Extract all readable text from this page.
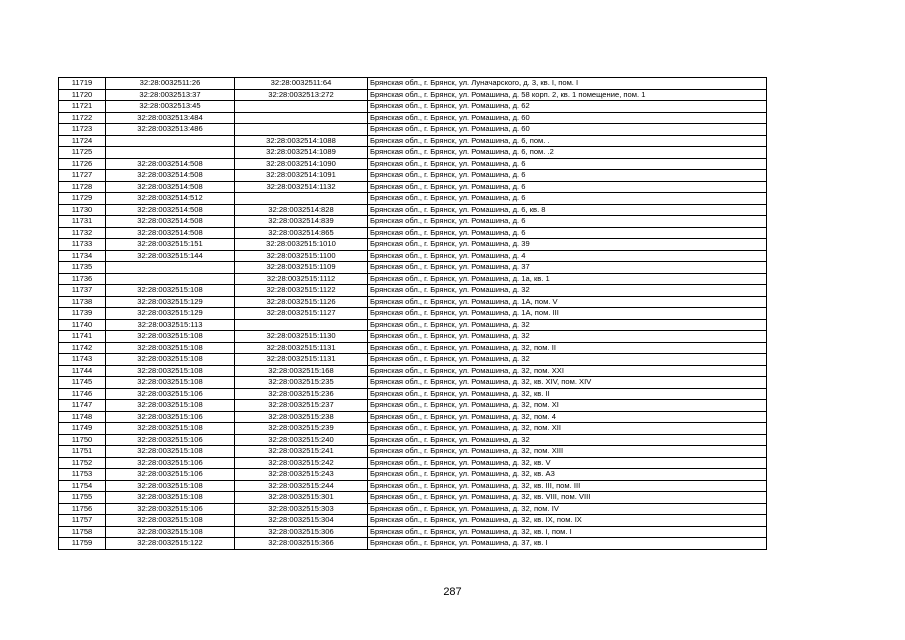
11719	32:28:0032511:26	32:28:0032511:64	Брянская обл., г. Брянск, ул. Луначарского, д. 3, кв. I, пом. I
11720	32:28:0032513:37	32:28:0032513:272	Брянская обл., г. Брянск, ул. Ромашина, д. 58 корп. 2, кв. 1 помещение, пом. 1
11721	32:28:0032513:45		Брянская обл., г. Брянск, ул. Ромашина, д. 62
11722	32:28:0032513:484		Брянская обл., г. Брянск, ул. Ромашина, д. 60
11723	32:28:0032513:486		Брянская обл., г. Брянск, ул. Ромашина, д. 60
11724		32:28:0032514:1088	Брянская обл., г. Брянск, ул. Ромашина, д. 6, пом. .
11725		32:28:0032514:1089	Брянская обл., г. Брянск, ул. Ромашина, д. 6, пом. .2
11726	32:28:0032514:508	32:28:0032514:1090	Брянская обл., г. Брянск, ул. Ромашина, д. 6
11727	32:28:0032514:508	32:28:0032514:1091	Брянская обл., г. Брянск, ул. Ромашина, д. 6
11728	32:28:0032514:508	32:28:0032514:1132	Брянская обл., г. Брянск, ул. Ромашина, д. 6
11729	32:28:0032514:512		Брянская обл., г. Брянск, ул. Ромашина, д. 6
11730	32:28:0032514:508	32:28:0032514:828	Брянская обл., г. Брянск, ул. Ромашина, д. 6, кв. 8
11731	32:28:0032514:508	32:28:0032514:839	Брянская обл., г. Брянск, ул. Ромашина, д. 6
11732	32:28:0032514:508	32:28:0032514:865	Брянская обл., г. Брянск, ул. Ромашина, д. 6
11733	32:28:0032515:151	32:28:0032515:1010	Брянская обл., г. Брянск, ул. Ромашина, д. 39
11734	32:28:0032515:144	32:28:0032515:1100	Брянская обл., г. Брянск, ул. Ромашина, д. 4
11735		32:28:0032515:1109	Брянская обл., г. Брянск, ул. Ромашина, д. 37
11736		32:28:0032515:1112	Брянская обл., г. Брянск, ул. Ромашина, д. 1а, кв. 1
11737	32:28:0032515:108	32:28:0032515:1122	Брянская обл., г. Брянск, ул. Ромашина, д. 32
11738	32:28:0032515:129	32:28:0032515:1126	Брянская обл., г. Брянск, ул. Ромашина, д. 1А, пом. V
11739	32:28:0032515:129	32:28:0032515:1127	Брянская обл., г. Брянск, ул. Ромашина, д. 1А, пом. III
11740	32:28:0032515:113		Брянская обл., г. Брянск, ул. Ромашина, д. 32
11741	32:28:0032515:108	32:28:0032515:1130	Брянская обл., г. Брянск, ул. Ромашина, д. 32
11742	32:28:0032515:108	32:28:0032515:1131	Брянская обл., г. Брянск, ул. Ромашина, д. 32, пом. II
11743	32:28:0032515:108	32:28:0032515:1131	Брянская обл., г. Брянск, ул. Ромашина, д. 32
11744	32:28:0032515:108	32:28:0032515:168	Брянская обл., г. Брянск, ул. Ромашина, д. 32, пом. XXI
11745	32:28:0032515:108	32:28:0032515:235	Брянская обл., г. Брянск, ул. Ромашина, д. 32, кв. XIV, пом. XIV
11746	32:28:0032515:106	32:28:0032515:236	Брянская обл., г. Брянск, ул. Ромашина, д. 32, кв. II
11747	32:28:0032515:108	32:28:0032515:237	Брянская обл., г. Брянск, ул. Ромашина, д. 32, пом. XI
11748	32:28:0032515:106	32:28:0032515:238	Брянская обл., г. Брянск, ул. Ромашина, д. 32, пом. 4
11749	32:28:0032515:108	32:28:0032515:239	Брянская обл., г. Брянск, ул. Ромашина, д. 32, пом. XII
11750	32:28:0032515:106	32:28:0032515:240	Брянская обл., г. Брянск, ул. Ромашина, д. 32
11751	32:28:0032515:108	32:28:0032515:241	Брянская обл., г. Брянск, ул. Ромашина, д. 32, пом. XIII
11752	32:28:0032515:106	32:28:0032515:242	Брянская обл., г. Брянск, ул. Ромашина, д. 32, кв. V
11753	32:28:0032515:106	32:28:0032515:243	Брянская обл., г. Брянск, ул. Ромашина, д. 32, кв. А3
11754	32:28:0032515:108	32:28:0032515:244	Брянская обл., г. Брянск, ул. Ромашина, д. 32, кв. III, пом. III
11755	32:28:0032515:108	32:28:0032515:301	Брянская обл., г. Брянск, ул. Ромашина, д. 32, кв. VIII, пом. VIII
11756	32:28:0032515:106	32:28:0032515:303	Брянская обл., г. Брянск, ул. Ромашина, д. 32, пом. IV
11757	32:28:0032515:108	32:28:0032515:304	Брянская обл., г. Брянск, ул. Ромашина, д. 32, кв. IX, пом. IX
11758	32:28:0032515:108	32:28:0032515:306	Брянская обл., г. Брянск, ул. Ромашина, д. 32, кв. I, пом. I
11759	32:28:0032515:122	32:28:0032515:366	Брянская обл., г. Брянск, ул. Ромашина, д. 37, кв. I
287
